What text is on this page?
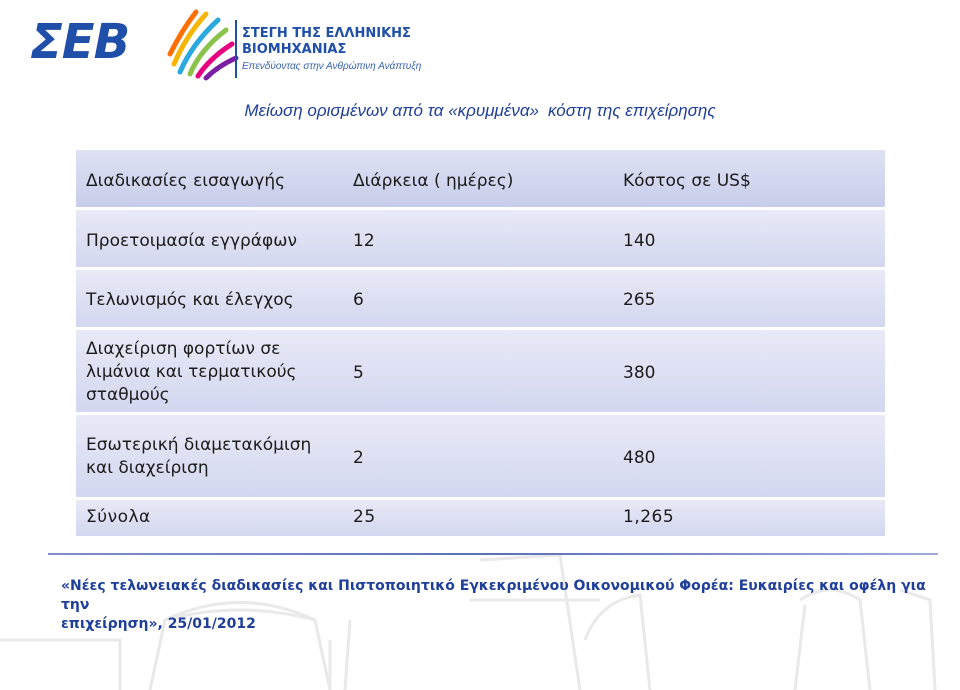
ΣΕΒ	ΣΤΕΓΗ ΤΗΣ ΕΛΛΗΝΙΚΗΣ
ΒΙΟΜΗΧΑΝΙΑΣ
Επενδύοντας στην Ανθρώπινη Ανάπτυξη
Μείωση ορισμένων από τα «κρυμμένα» κόστη της επιχείρησης
Διαδικασίες εισαγωγής	Διάρκεια ( ημέρες)	Κόστος σε US$
Προετοιμασία εγγράφων	12	140
Τελωνισμός και έλεγχος	6	265
Διαχείριση φορτίων σε
λιμάνια και τερματικούς
σταθμούς
5	380
Εσωτερική διαμετακόμιση
και διαχείριση	2	480
Σύνολα	25	1,265
«Νέες τελωνειακές διαδικασίες και Πιστοποιητικό Εγκεκριμένου Οικονομικού Φορέα: Ευκαιρίες και οφέλη για την
επιχείρηση», 25/01/2012
